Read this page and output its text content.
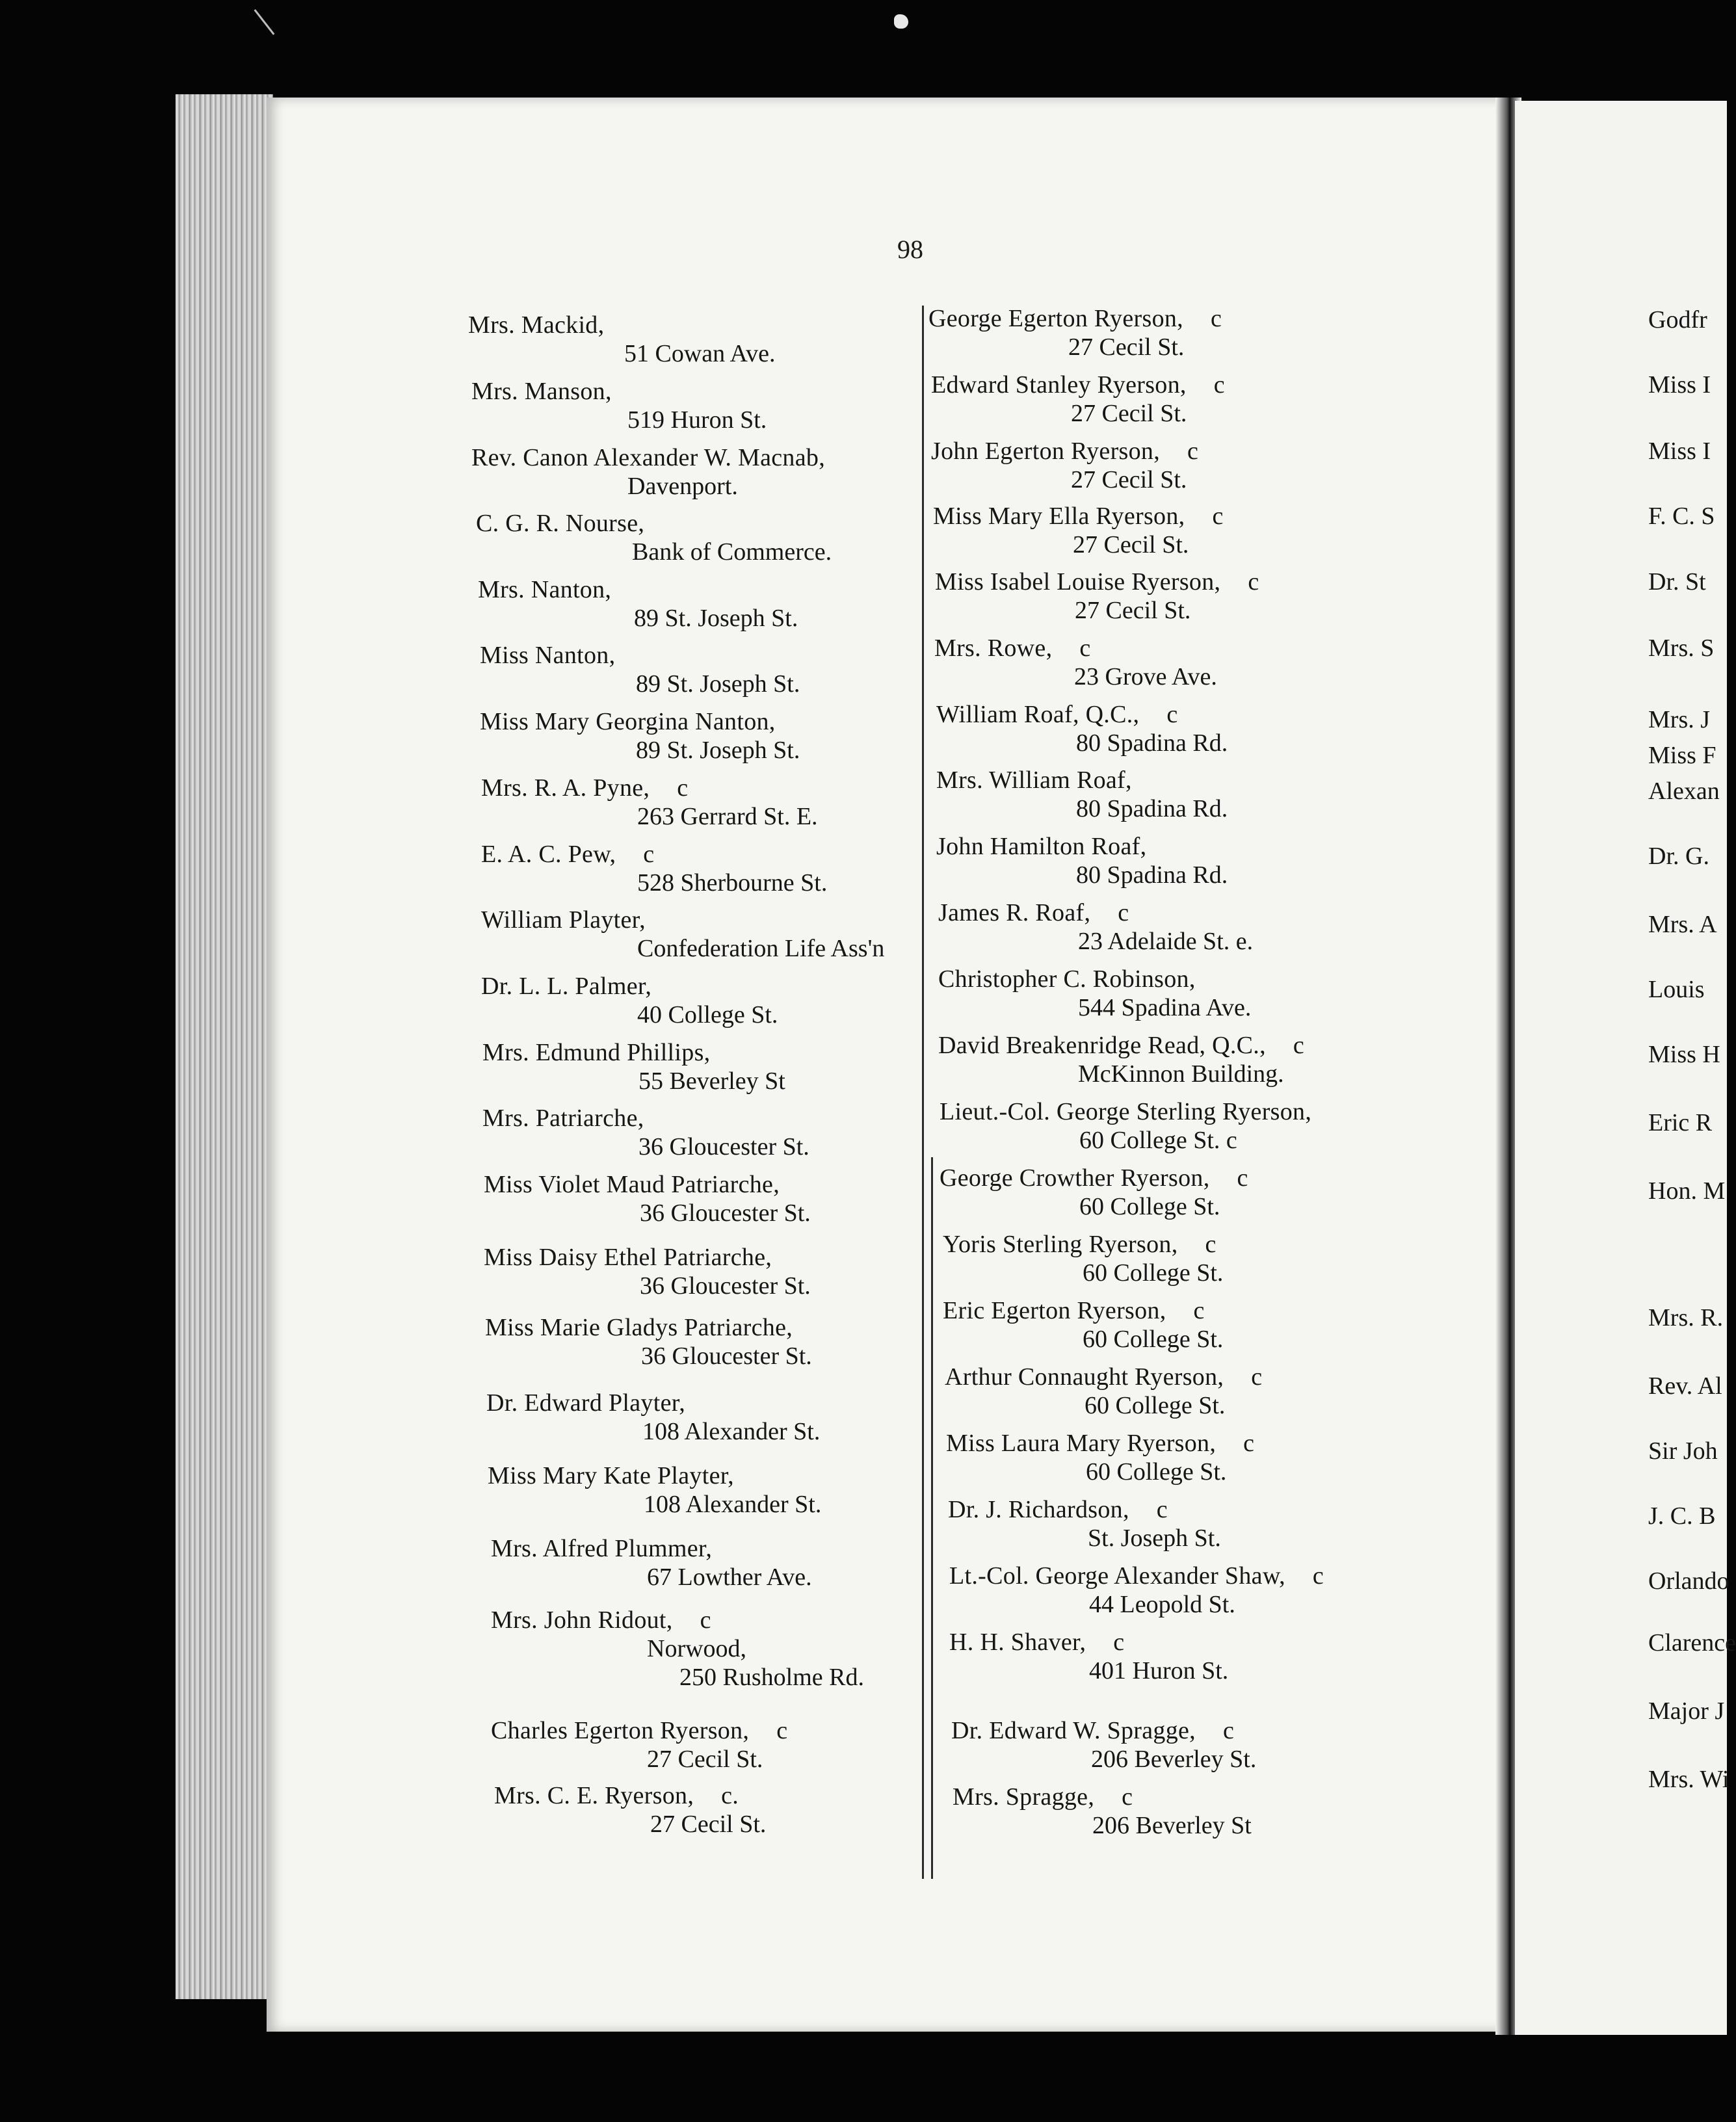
98
Mrs. Mackid,
51 Cowan Ave.
Mrs. Manson,
519 Huron St.
Rev. Canon Alexander W. Macnab,
Davenport.
C. G. R. Nourse,
Bank of Commerce.
Mrs. Nanton,
89 St. Joseph St.
Miss Nanton,
89 St. Joseph St.
Miss Mary Georgina Nanton,
89 St. Joseph St.
Mrs. R. A. Pyne, c
263 Gerrard St. E.
E. A. C. Pew, c
528 Sherbourne St.
William Playter,
Confederation Life Ass'n
Dr. L. L. Palmer,
40 College St.
Mrs. Edmund Phillips,
55 Beverley St
Mrs. Patriarche,
36 Gloucester St.
Miss Violet Maud Patriarche,
36 Gloucester St.
Miss Daisy Ethel Patriarche,
36 Gloucester St.
Miss Marie Gladys Patriarche,
36 Gloucester St.
Dr. Edward Playter,
108 Alexander St.
Miss Mary Kate Playter,
108 Alexander St.
Mrs. Alfred Plummer,
67 Lowther Ave.
Mrs. John Ridout, c
Norwood,
250 Rusholme Rd.
Charles Egerton Ryerson, c
27 Cecil St.
Mrs. C. E. Ryerson, c.
27 Cecil St.
George Egerton Ryerson, c
27 Cecil St.
Edward Stanley Ryerson, c
27 Cecil St.
John Egerton Ryerson, c
27 Cecil St.
Miss Mary Ella Ryerson, c
27 Cecil St.
Miss Isabel Louise Ryerson, c
27 Cecil St.
Mrs. Rowe, c
23 Grove Ave.
William Roaf, Q.C., c
80 Spadina Rd.
Mrs. William Roaf,
80 Spadina Rd.
John Hamilton Roaf,
80 Spadina Rd.
James R. Roaf, c
23 Adelaide St. e.
Christopher C. Robinson,
544 Spadina Ave.
David Breakenridge Read, Q.C., c
McKinnon Building.
Lieut.-Col. George Sterling Ryerson,
60 College St. c
George Crowther Ryerson, c
60 College St.
Yoris Sterling Ryerson, c
60 College St.
Eric Egerton Ryerson, c
60 College St.
Arthur Connaught Ryerson, c
60 College St.
Miss Laura Mary Ryerson, c
60 College St.
Dr. J. Richardson, c
St. Joseph St.
Lt.-Col. George Alexander Shaw, c
44 Leopold St.
H. H. Shaver, c
401 Huron St.
Dr. Edward W. Spragge, c
206 Beverley St.
Mrs. Spragge, c
206 Beverley St
Godfr
Miss I
Miss I
F. C. S
Dr. St
Mrs. S
Mrs. J
Miss F
Alexan
Dr. G.
Mrs. A
Louis
Miss H
Eric R
Hon. M
Mrs. R.
Rev. Al
Sir Joh
J. C. B
Orlando
Clarence
Major J
Mrs. Wi
